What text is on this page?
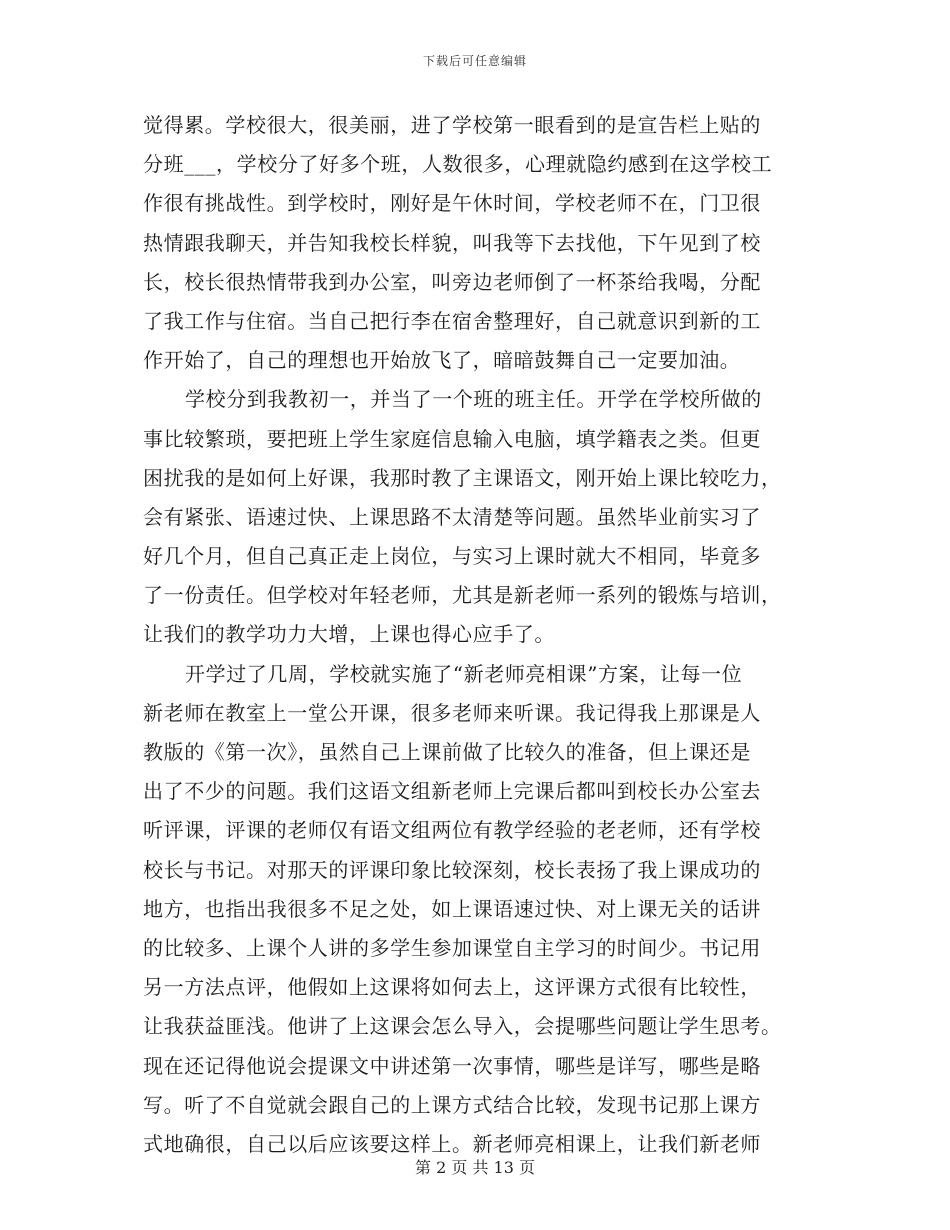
下载后可任意编辑
觉得累。学校很大，很美丽，进了学校第一眼看到的是宣告栏上贴的
分班___，学校分了好多个班，人数很多，心理就隐约感到在这学校工
作很有挑战性。到学校时，刚好是午休时间，学校老师不在，门卫很
热情跟我聊天，并告知我校长样貌，叫我等下去找他，下午见到了校
长，校长很热情带我到办公室，叫旁边老师倒了一杯茶给我喝，分配
了我工作与住宿。当自己把行李在宿舍整理好，自己就意识到新的工
作开始了，自己的理想也开始放飞了，暗暗鼓舞自己一定要加油。
学校分到我教初一，并当了一个班的班主任。开学在学校所做的
事比较繁琐，要把班上学生家庭信息输入电脑，填学籍表之类。但更
困扰我的是如何上好课，我那时教了主课语文，刚开始上课比较吃力，
会有紧张、语速过快、上课思路不太清楚等问题。虽然毕业前实习了
好几个月，但自己真正走上岗位，与实习上课时就大不相同，毕竟多
了一份责任。但学校对年轻老师，尤其是新老师一系列的锻炼与培训，
让我们的教学功力大增，上课也得心应手了。
开学过了几周，学校就实施了“新老师亮相课”方案，让每一位
新老师在教室上一堂公开课，很多老师来听课。我记得我上那课是人
教版的《第一次》，虽然自己上课前做了比较久的准备，但上课还是
出了不少的问题。我们这语文组新老师上完课后都叫到校长办公室去
听评课，评课的老师仅有语文组两位有教学经验的老老师，还有学校
校长与书记。对那天的评课印象比较深刻，校长表扬了我上课成功的
地方，也指出我很多不足之处，如上课语速过快、对上课无关的话讲
的比较多、上课个人讲的多学生参加课堂自主学习的时间少。书记用
另一方法点评，他假如上这课将如何去上，这评课方式很有比较性，
让我获益匪浅。他讲了上这课会怎么导入，会提哪些问题让学生思考。
现在还记得他说会提课文中讲述第一次事情，哪些是详写，哪些是略
写。听了不自觉就会跟自己的上课方式结合比较，发现书记那上课方
式地确很，自己以后应该要这样上。新老师亮相课上，让我们新老师
第 2 页 共 13 页
